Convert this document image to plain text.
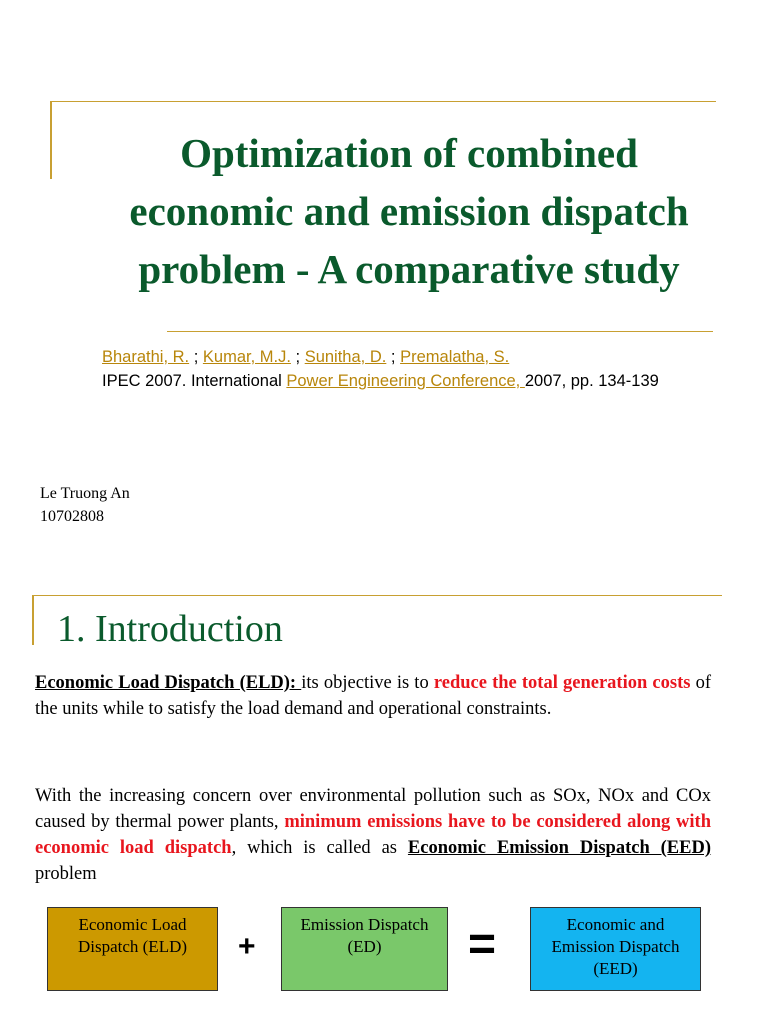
Optimization of combined
economic and emission dispatch
problem - A comparative study
Bharathi, R. ; Kumar, M.J. ; Sunitha, D. ; Premalatha, S.
IPEC 2007. International Power Engineering Conference, 2007, pp. 134-139
Le Truong An
10702808
1. Introduction
Economic Load Dispatch (ELD): its objective is to reduce the total generation costs of the units while to satisfy the load demand and operational constraints.
With the increasing concern over environmental pollution such as SOx, NOx and COx caused by thermal power plants, minimum emissions have to be considered along with economic load dispatch, which is called as Economic Emission Dispatch (EED) problem
Economic Load
Dispatch (ELD)	+
Emission Dispatch
(ED)	=	Economic and
Emission Dispatch
(EED)
